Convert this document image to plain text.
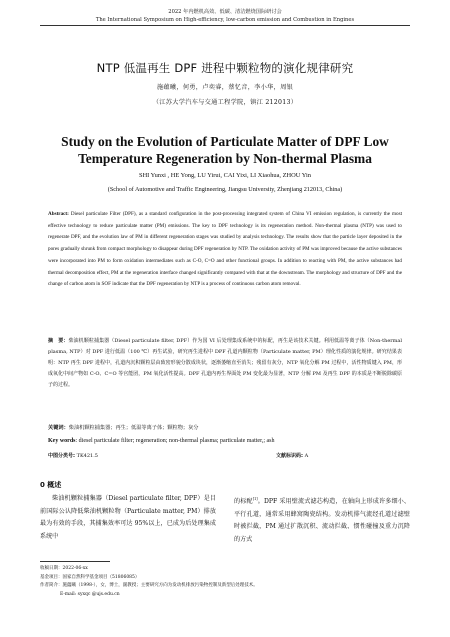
2022 年内燃机高效、低碳、清洁燃烧国际研讨会
The International Symposium on High-efficiency, low-carbon emission and Combustion in Engines
NTP 低温再生 DPF 进程中颗粒物的演化规律研究
施蕴曦，何勇，卢奕睿，蔡忆音，李小华，周银
（江苏大学汽车与交通工程学院，镇江 212013）
Study on the Evolution of Particulate Matter of DPF Low
Temperature Regeneration by Non-thermal Plasma
SHI Yunxi , HE Yong, LU Yirui, CAI Yixi, LI Xiaohua, ZHOU Yin
(School of Automotive and Traffic Engineering, Jiangsu University, Zhenjiang 212013, China)
Abstract: Diesel particulate Filter (DPF), as a standard configuration in the post-processing integrated system of China VI emission regulation, is currently the most effective technology to reduce particulate matter (PM) emissions. The key to DPF technology is its regeneration method. Non-thermal plasma (NTP) was used to regenerate DPF, and the evolution law of PM in different regeneration stages was studied by analysis technology. The results show that the particle layer deposited in the pores gradually shrunk from compact morphology to disappear during DPF regeneration by NTP. The oxidation activity of PM was improved because the active substances were incorporated into PM to form oxidation intermediates such as C-O, C=O and other functional groups. In addition to reacting with PM, the active substances had thermal decomposition effect, PM at the regeneration interface changed significantly compared with that at the downstream. The morphology and structure of DPF and the change of carbon atom in SOF indicate that the DPF regeneration by NTP is a process of continuous carbon atom removal.
摘　要：柴油机颗粒捕集器（Diesel particulate filter, DPF）作为国 VI 后处理集成系统中的标配，再生是该技术关键。利用低温等离子体（Non-thermal plasma, NTP）对 DPF 进行低温（100 ℃）再生试验，研究再生进程中 DPF 孔道内颗粒物（Particulate matter, PM）理化性质的演化规律。研究结果表明：NTP 再生 DPF 进程中，孔道内沉积颗粒层由致密形貌分散成块状，逐渐萎缩直至消失；残留有灰分，NTP 氧化分解 PM 过程中，活性物质键入 PM，形成氧化中间产物如 C-O、C=O 等官能团，PM 氧化活性提高。DPF 孔道内再生界面处 PM 变化最为显著，NTP 分解 PM 及再生 DPF 的本质是不断脱除碳原子的过程。
关键词：柴油机颗粒捕集器；再生；低温等离子体；颗粒物；灰分
Key words: diesel particulate filter; regeneration; non-thermal plasma; particulate matter,; ash
中图分类号: TK421.5	文献标识码: A
0 概述
柴油机颗粒捕集器（Diesel particulate filter, DPF）是目前国际公认降低柴油机颗粒物（Particulate matter, PM）排放最为有效的手段，其捕集效率可达 95%以上，已成为后处理集成系统中
的标配[1]。DPF 采用壁流式滤芯构造，在轴向上形成许多细小、平行孔道，通常采用蜂窝陶瓷结构。发动机排气流经孔道过滤壁时被拦截，PM 通过扩散沉积、流动拦截、惯性碰撞及重力沉降的方式
收稿日期：2022-06-xx
基金项目：国家自然科学基金项目（51806085）
作者简介：施蕴曦（1998-），女，博士，副教授；主要研究方向为发动机排放污染物控制及新型后处理技术。
E-mail: syxqc @ujs.edu.cn
